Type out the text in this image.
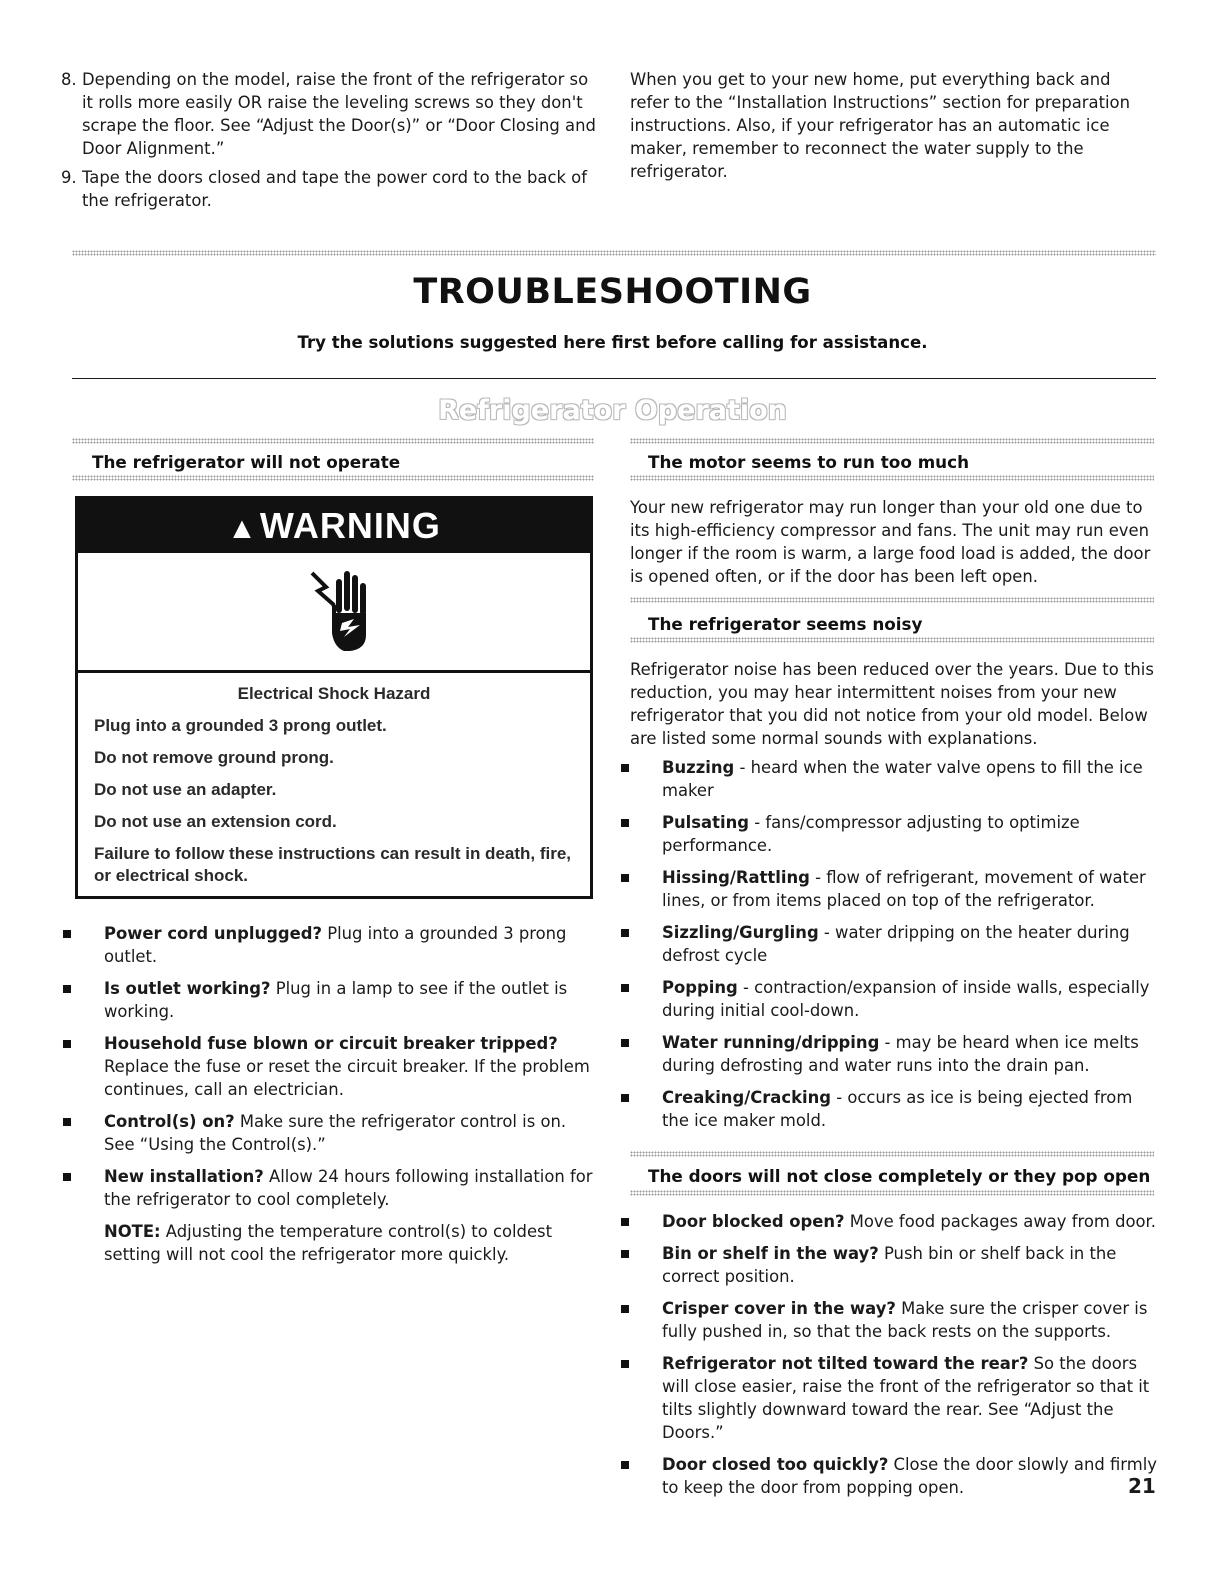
8. Depending on the model, raise the front of the refrigerator so it rolls more easily OR raise the leveling screws so they don't scrape the floor. See “Adjust the Door(s)” or “Door Closing and Door Alignment.”
9. Tape the doors closed and tape the power cord to the back of the refrigerator.
When you get to your new home, put everything back and refer to the “Installation Instructions” section for preparation instructions. Also, if your refrigerator has an automatic ice maker, remember to reconnect the water supply to the refrigerator.
TROUBLESHOOTING
Try the solutions suggested here first before calling for assistance.
Refrigerator Operation
The refrigerator will not operate
▲WARNING
Electrical Shock Hazard

Plug into a grounded 3 prong outlet.

Do not remove ground prong.

Do not use an adapter.

Do not use an extension cord.

Failure to follow these instructions can result in death, fire, or electrical shock.

Power cord unplugged? Plug into a grounded 3 prong outlet.
Is outlet working? Plug in a lamp to see if the outlet is working.
Household fuse blown or circuit breaker tripped? Replace the fuse or reset the circuit breaker. If the problem continues, call an electrician.
Control(s) on? Make sure the refrigerator control is on. See “Using the Control(s).”
New installation? Allow 24 hours following installation for the refrigerator to cool completely.
NOTE: Adjusting the temperature control(s) to coldest setting will not cool the refrigerator more quickly.
The motor seems to run too much
Your new refrigerator may run longer than your old one due to its high-efficiency compressor and fans. The unit may run even longer if the room is warm, a large food load is added, the door is opened often, or if the door has been left open.
The refrigerator seems noisy
Refrigerator noise has been reduced over the years. Due to this reduction, you may hear intermittent noises from your new refrigerator that you did not notice from your old model. Below are listed some normal sounds with explanations.
Buzzing - heard when the water valve opens to fill the ice maker
Pulsating - fans/compressor adjusting to optimize performance.
Hissing/Rattling - flow of refrigerant, movement of water lines, or from items placed on top of the refrigerator.
Sizzling/Gurgling - water dripping on the heater during defrost cycle
Popping - contraction/expansion of inside walls, especially during initial cool-down.
Water running/dripping - may be heard when ice melts during defrosting and water runs into the drain pan.
Creaking/Cracking - occurs as ice is being ejected from the ice maker mold.
The doors will not close completely or they pop open
Door blocked open? Move food packages away from door.
Bin or shelf in the way? Push bin or shelf back in the correct position.
Crisper cover in the way? Make sure the crisper cover is fully pushed in, so that the back rests on the supports.
Refrigerator not tilted toward the rear? So the doors will close easier, raise the front of the refrigerator so that it tilts slightly downward toward the rear. See “Adjust the Doors.”
Door closed too quickly? Close the door slowly and firmly to keep the door from popping open.	21
